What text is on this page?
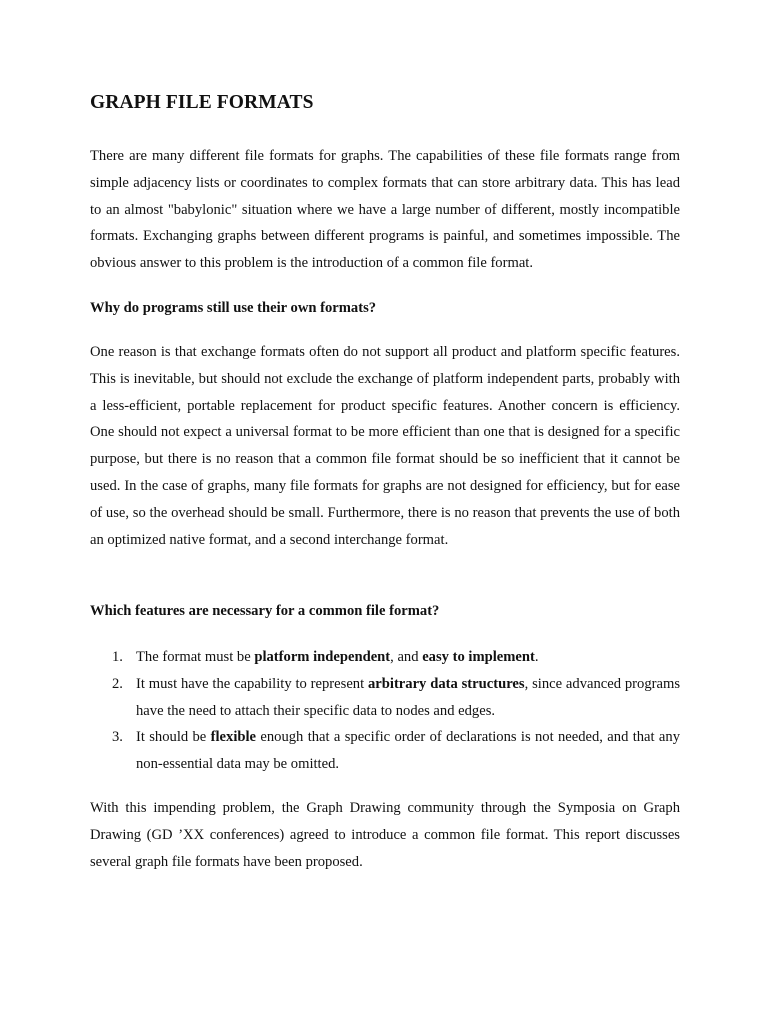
GRAPH FILE FORMATS

There are many different file formats for graphs. The capabilities of these file formats range from simple adjacency lists or coordinates to complex formats that can store arbitrary data. This has lead to an almost "babylonic" situation where we have a large number of different, mostly incompatible formats. Exchanging graphs between different programs is painful, and sometimes impossible. The obvious answer to this problem is the introduction of a common file format.

Why do programs still use their own formats?

One reason is that exchange formats often do not support all product and platform specific features. This is inevitable, but should not exclude the exchange of platform independent parts, probably with a less-efficient, portable replacement for product specific features. Another concern is efficiency. One should not expect a universal format to be more efficient than one that is designed for a specific purpose, but there is no reason that a common file format should be so inefficient that it cannot be used. In the case of graphs, many file formats for graphs are not designed for efficiency, but for ease of use, so the overhead should be small. Furthermore, there is no reason that prevents the use of both an optimized native format, and a second interchange format.

Which features are necessary for a common file format?
1. The format must be platform independent, and easy to implement.
2. It must have the capability to represent arbitrary data structures, since advanced programs have the need to attach their specific data to nodes and edges.
3. It should be flexible enough that a specific order of declarations is not needed, and that any non-essential data may be omitted.

With this impending problem, the Graph Drawing community through the Symposia on Graph Drawing (GD ’XX conferences) agreed to introduce a common file format. This report discusses several graph file formats have been proposed.
